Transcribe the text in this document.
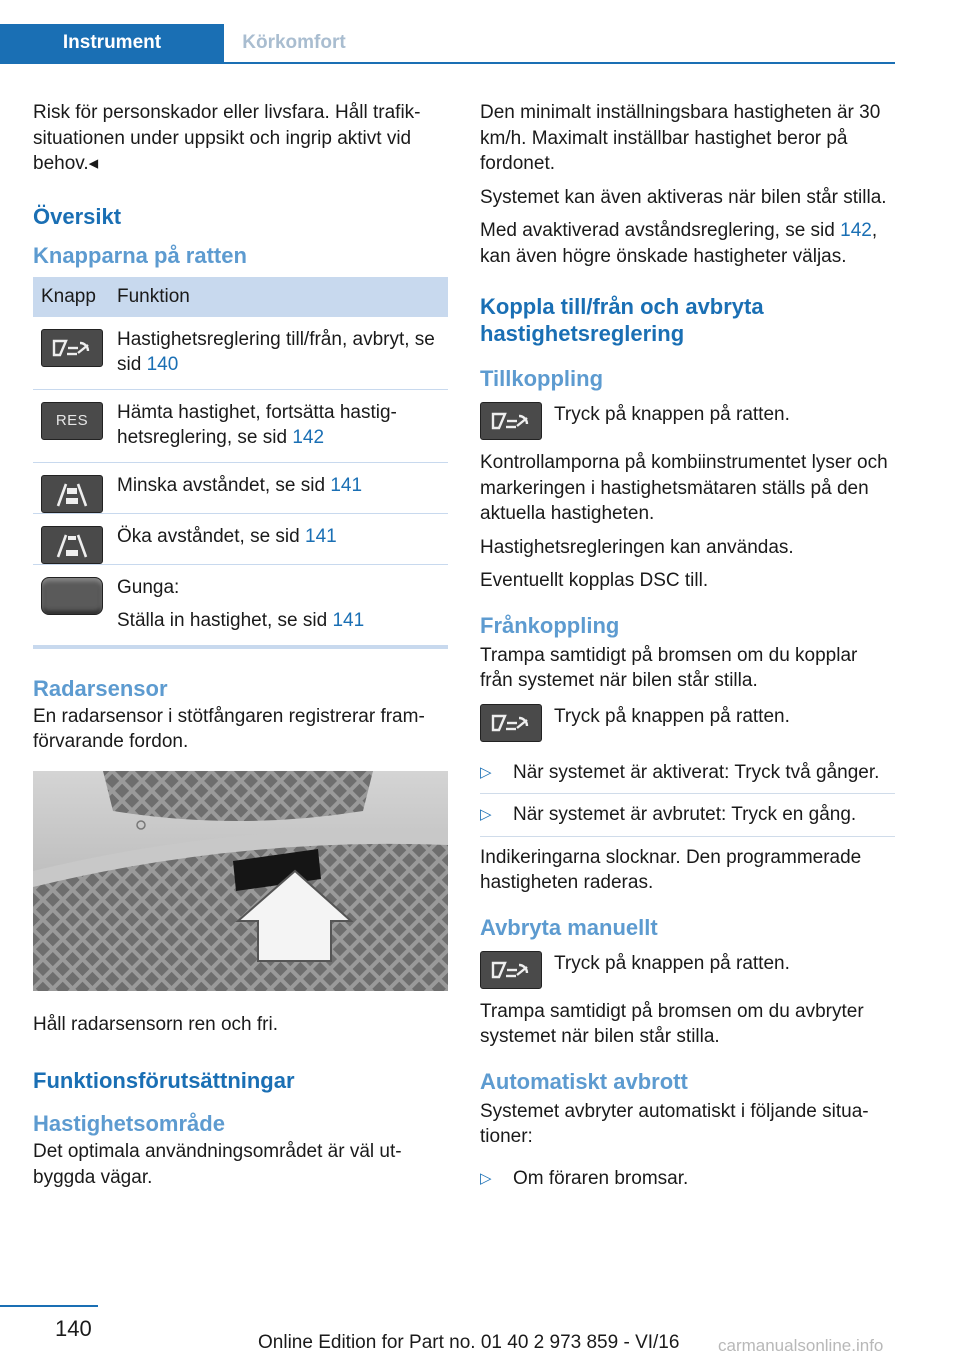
Instrument	Körkomfort

Risk för personskador eller livsfara. Håll trafik-situationen under uppsikt och ingrip aktivt vid behov.◂

Översikt
Knapparna på ratten
Knapp	Funktion

	Hastighetsreglering till/från, avbryt, se sid 140

RES	Hämta hastighet, fortsätta hastig-hetsreglering, se sid 142

	Minska avståndet, se sid 141

	Öka avståndet, se sid 141

	Gunga:
Ställa in hastighet, se sid 141
Radarsensor

En radarsensor i stötfångaren registrerar fram-förvarande fordon.

Håll radarsensorn ren och fri.

Funktionsförutsättningar
Hastighetsområde

Det optimala användningsområdet är väl ut-byggda vägar.

Den minimalt inställningsbara hastigheten är 30 km/h. Maximalt inställbar hastighet beror på fordonet.

Systemet kan även aktiveras när bilen står stilla.

Med avaktiverad avståndsreglering, se sid 142, kan även högre önskade hastigheter väljas.

Koppla till/från och avbryta hastighetsreglering
Tillkoppling

Tryck på knappen på ratten.

Kontrollamporna på kombiinstrumentet lyser och markeringen i hastighetsmätaren ställs på den aktuella hastigheten.

Hastighetsregleringen kan användas.

Eventuellt kopplas DSC till.

Frånkoppling

Trampa samtidigt på bromsen om du kopplar från systemet när bilen står stilla.

Tryck på knappen på ratten.

▷ När systemet är aktiverat: Tryck två gånger.
▷ När systemet är avbrutet: Tryck en gång.

Indikeringarna slocknar. Den programmerade hastigheten raderas.

Avbryta manuellt

Tryck på knappen på ratten.

Trampa samtidigt på bromsen om du avbryter systemet när bilen står stilla.

Automatiskt avbrott

Systemet avbryter automatiskt i följande situa-tioner:

▷ Om föraren bromsar.
140
Online Edition for Part no. 01 40 2 973 859 - VI/16 carmanualsonline.info
